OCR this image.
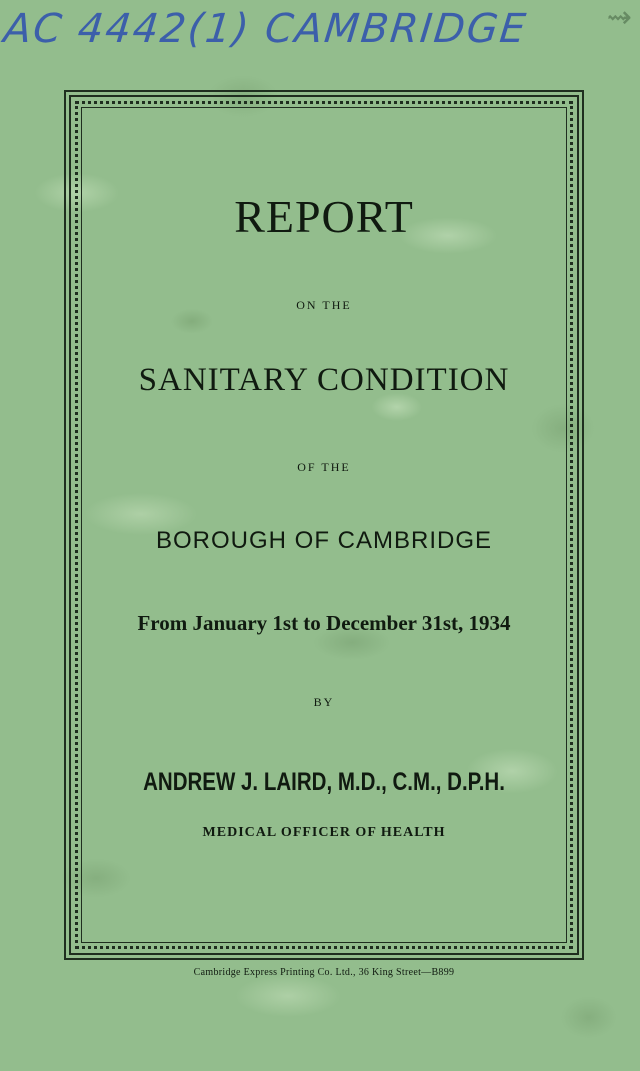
AC 4442(1) CAMBRIDGE	⇝
REPORT
ON THE
SANITARY CONDITION
OF THE
BOROUGH OF CAMBRIDGE
From January 1st to December 31st, 1934
BY
ANDREW J. LAIRD, M.D., C.M., D.P.H.
MEDICAL OFFICER OF HEALTH
Cambridge Express Printing Co. Ltd., 36 King Street—B899
